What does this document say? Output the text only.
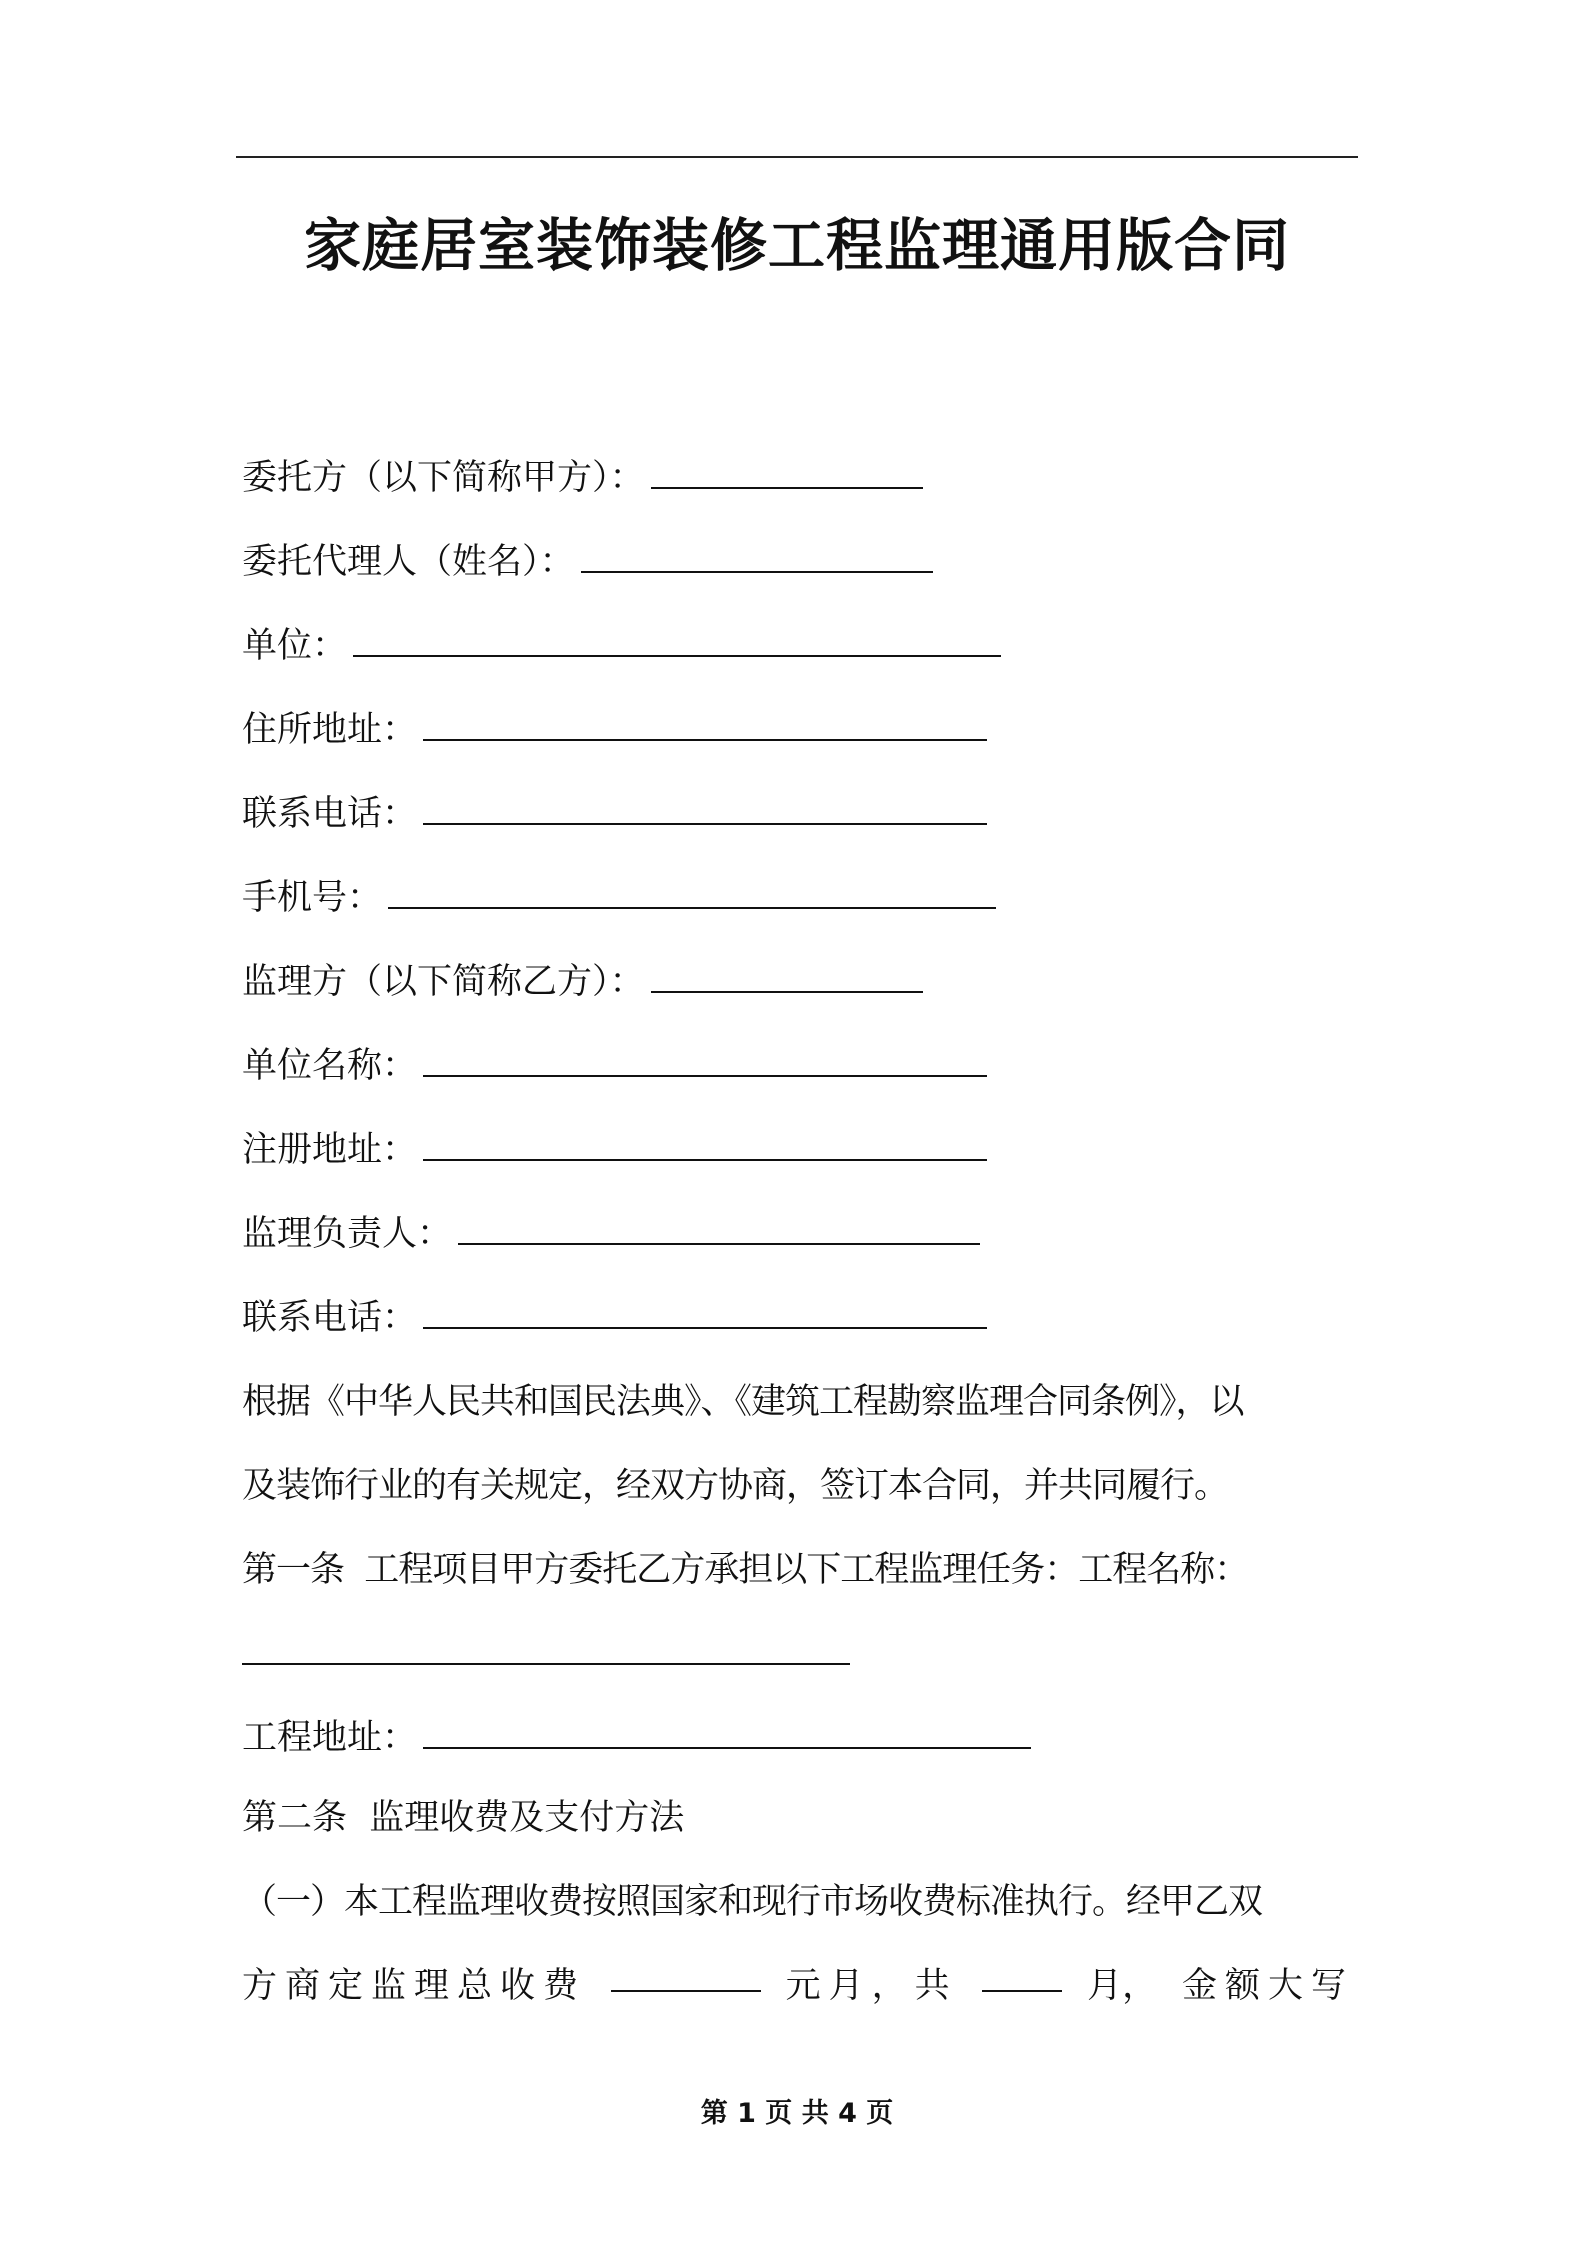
家庭居室装饰装修工程监理通用版合同
委托方（以下简称甲方）：
委托代理人（姓名）：
单位：
住所地址：
联系电话：
手机号：
监理方（以下简称乙方）：
单位名称：
注册地址：
监理负责人：
联系电话：
根据《中华人民共和国民法典》、《建筑工程勘察监理合同条例》，以
及装饰行业的有关规定，经双方协商，签订本合同，并共同履行。
第一条  工程项目甲方委托乙方承担以下工程监理任务：工程名称：
工程地址：
第二条  监理收费及支付方法
（一）本工程监理收费按照国家和现行市场收费标准执行。经甲乙双
方商定监理总收费	元月，共	月， 金额大写
第 1 页 共 4 页
